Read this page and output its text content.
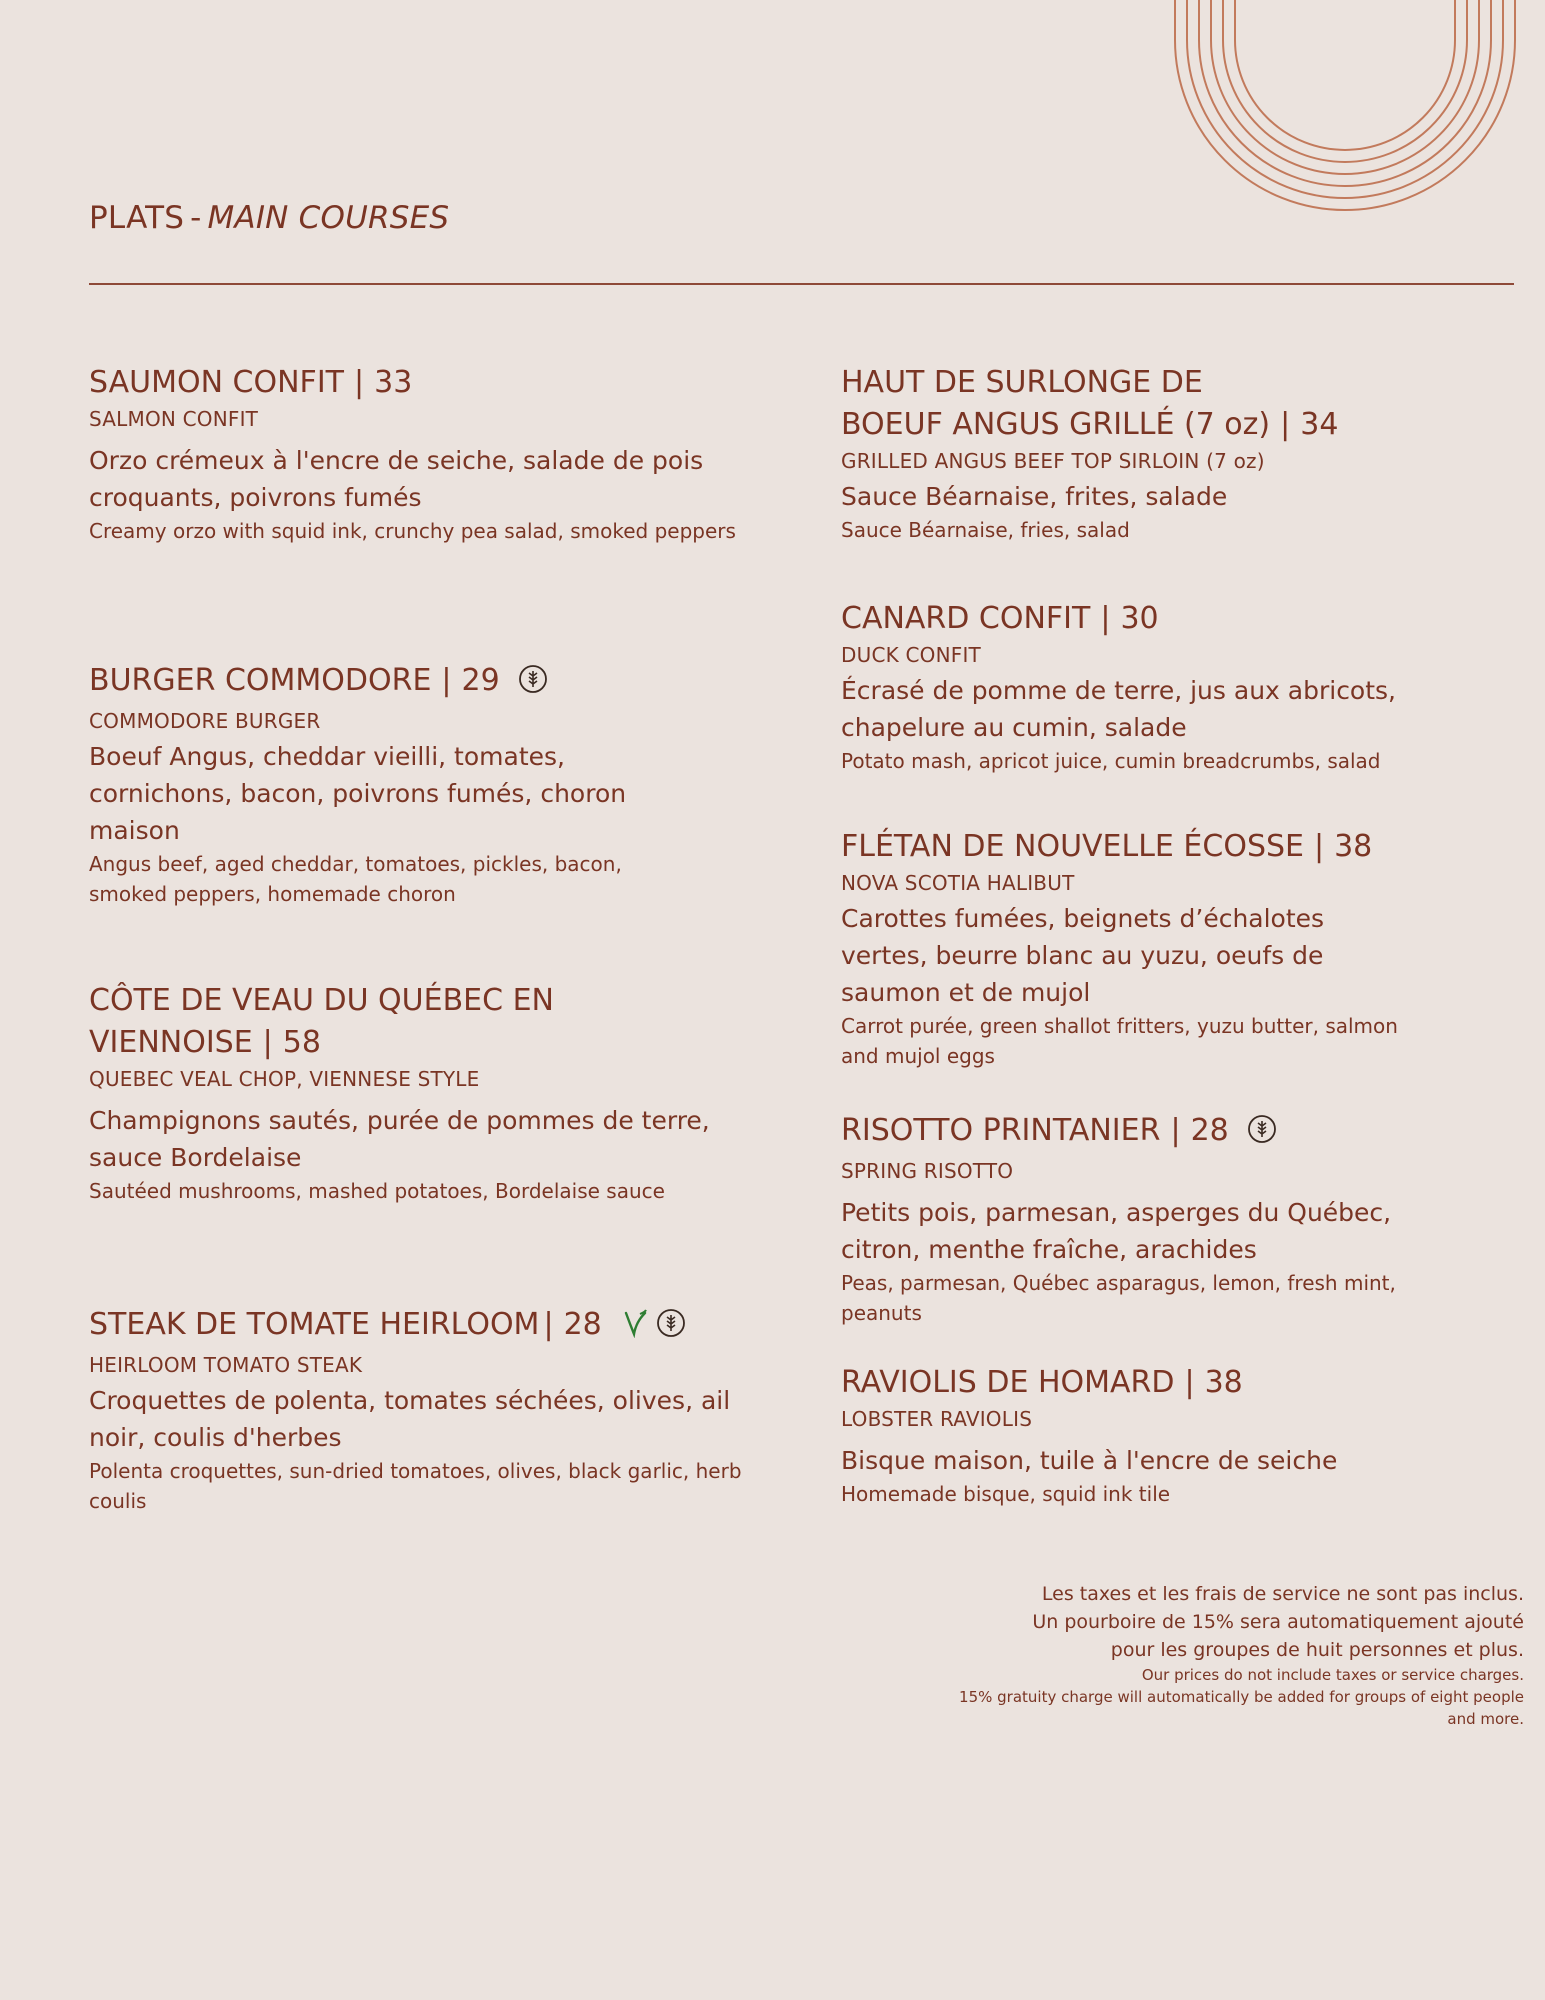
PLATS - MAIN COURSES
SAUMON CONFIT | 33
SALMON CONFIT
Orzo crémeux à l'encre de seiche, salade de pois croquants, poivrons fumés
Creamy orzo with squid ink, crunchy pea salad, smoked peppers
BURGER COMMODORE | 29
COMMODORE BURGER
Boeuf Angus, cheddar vieilli, tomates, cornichons, bacon, poivrons fumés, choron maison
Angus beef, aged cheddar, tomatoes, pickles, bacon, smoked peppers, homemade choron
CÔTE DE VEAU DU QUÉBEC EN VIENNOISE | 58
QUEBEC VEAL CHOP, VIENNESE STYLE
Champignons sautés, purée de pommes de terre, sauce Bordelaise
Sautéed mushrooms, mashed potatoes, Bordelaise sauce
STEAK DE TOMATE HEIRLOOM | 28
HEIRLOOM TOMATO STEAK
Croquettes de polenta, tomates séchées, olives, ail noir, coulis d'herbes
Polenta croquettes, sun-dried tomatoes, olives, black garlic, herb coulis
HAUT DE SURLONGE DE
BOEUF ANGUS GRILLÉ (7 oz) | 34
GRILLED ANGUS BEEF TOP SIRLOIN (7 oz)
Sauce Béarnaise, frites, salade
Sauce Béarnaise, fries, salad
CANARD CONFIT | 30
DUCK CONFIT
Écrasé de pomme de terre, jus aux abricots, chapelure au cumin, salade
Potato mash, apricot juice, cumin breadcrumbs, salad
FLÉTAN DE NOUVELLE ÉCOSSE | 38
NOVA SCOTIA HALIBUT
Carottes fumées, beignets d’échalotes vertes, beurre blanc au yuzu, oeufs de saumon et de mujol
Carrot purée, green shallot fritters, yuzu butter, salmon and mujol eggs
RISOTTO PRINTANIER | 28
SPRING RISOTTO
Petits pois, parmesan, asperges du Québec, citron, menthe fraîche, arachides
Peas, parmesan, Québec asparagus, lemon, fresh mint, peanuts
RAVIOLIS DE HOMARD | 38
LOBSTER RAVIOLIS
Bisque maison, tuile à l'encre de seiche
Homemade bisque, squid ink tile
Les taxes et les frais de service ne sont pas inclus.
Un pourboire de 15% sera automatiquement ajouté
pour les groupes de huit personnes et plus.
Our prices do not include taxes or service charges.
15% gratuity charge will automatically be added for groups of eight people
and more.
